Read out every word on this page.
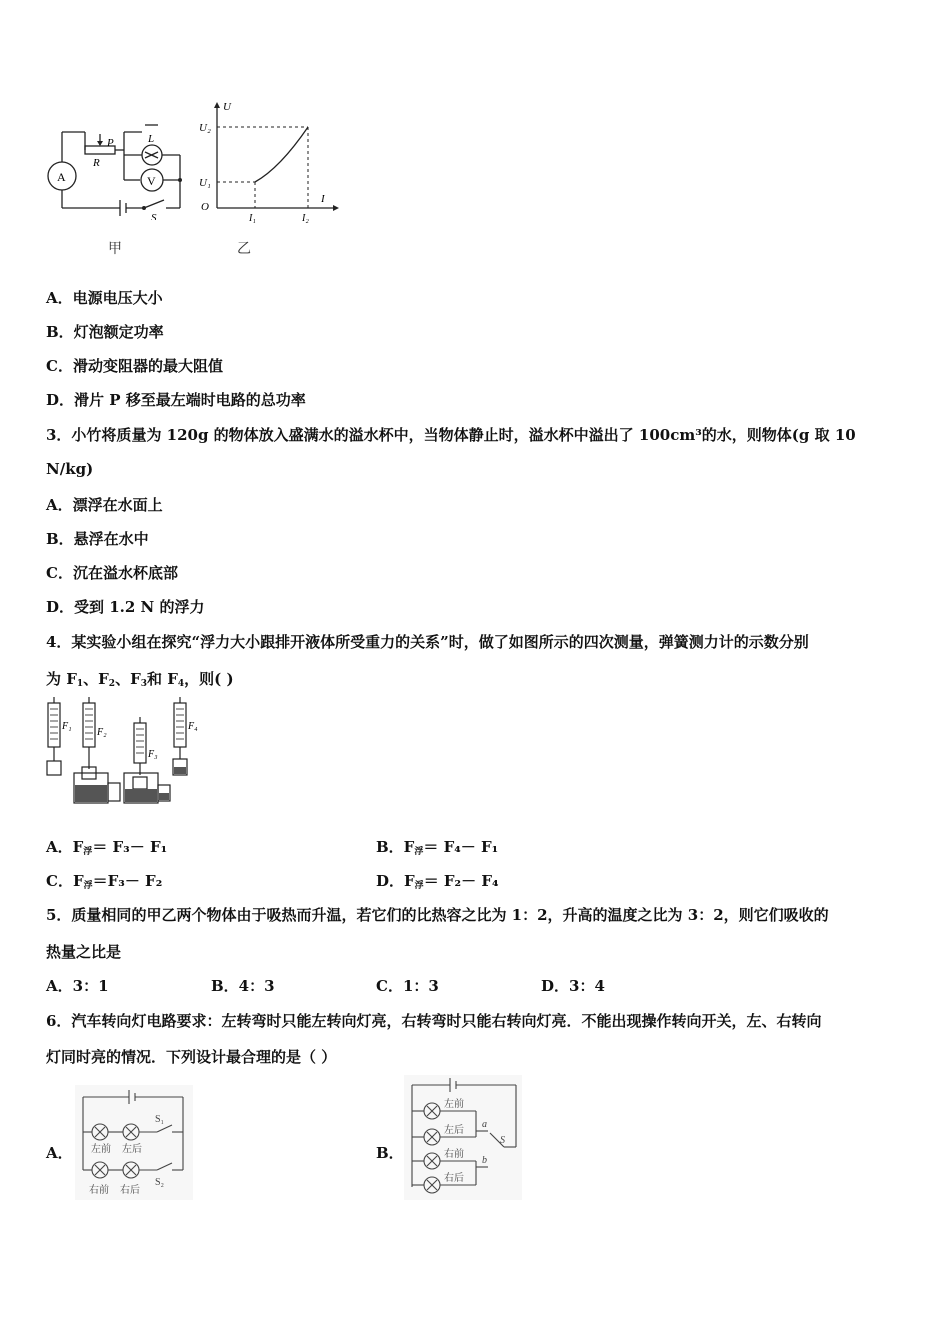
A
P
R
L
V
S
甲
U
I
O
U₁
U₂
I₁	I₂
乙
A．电源电压大小
B．灯泡额定功率
C．滑动变阻器的最大阻值
D．滑片 P 移至最左端时电路的总功率
3．小竹将质量为 120g 的物体放入盛满水的溢水杯中，当物体静止时，溢水杯中溢出了 100cm³的水，则物体(g 取 10
N/kg)
A．漂浮在水面上
B．悬浮在水中
C．沉在溢水杯底部
D．受到 1.2 N 的浮力
4．某实验小组在探究“浮力大小跟排开液体所受重力的关系”时，做了如图所示的四次测量，弹簧测力计的示数分别
为 $F_1$、$F_2$、$F_3$和 $F_4$，则( )
F₁
F₂
F₃
F₄
A．$F_浮= F_3- F_1$	B．$F_浮= F_4- F_1$
C．$F_浮=F_3- F_2$	D．$F_浮= F_2- F_4$
5．质量相同的甲乙两个物体由于吸热而升温，若它们的比热容之比为 1：2，升高的温度之比为 3：2，则它们吸收的
热量之比是
A．3：1	B．4：3	C．1：3	D．3：4
6．汽车转向灯电路要求：左转弯时只能左转向灯亮，右转弯时只能右转向灯亮．不能出现操作转向开关，左、右转向
灯同时亮的情况．下列设计最合理的是（ ）
A． 左前 左后
右前 右后
S₁
S₂
B．
左前
左后
右前
右后
a
b
S
